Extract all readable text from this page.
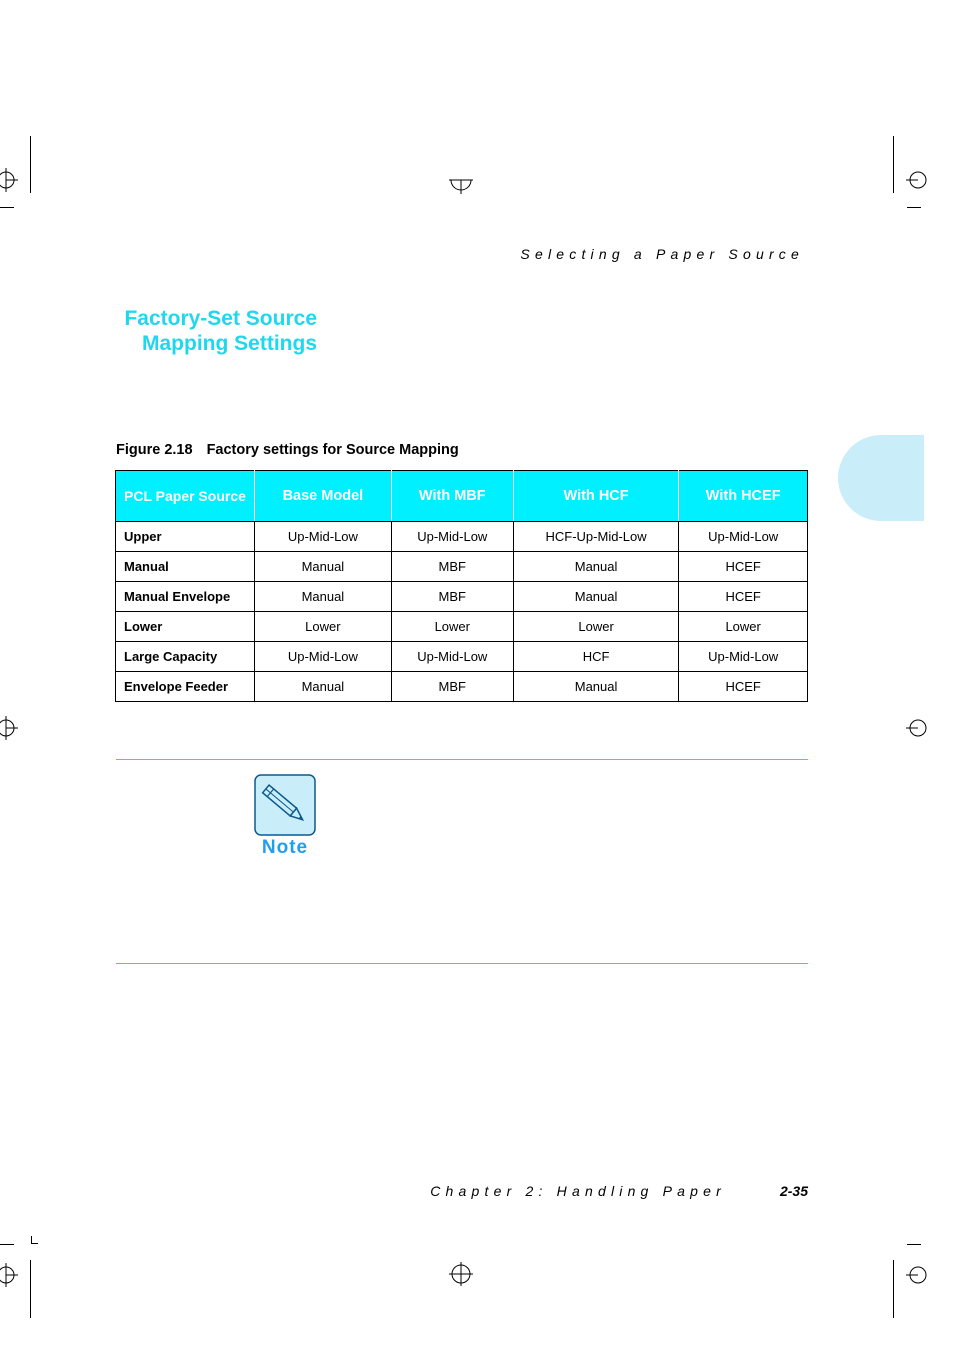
Selecting a Paper Source
Factory-Set Source
Mapping Settings
Figure 2.18 Factory settings for Source Mapping
PCL Paper Source	Base Model	With MBF	With HCF	With HCEF
Upper	Up-Mid-Low	Up-Mid-Low	HCF-Up-Mid-Low	Up-Mid-Low
Manual	Manual	MBF	Manual	HCEF
Manual Envelope	Manual	MBF	Manual	HCEF
Lower	Lower	Lower	Lower	Lower
Large Capacity	Up-Mid-Low	Up-Mid-Low	HCF	Up-Mid-Low
Envelope Feeder	Manual	MBF	Manual	HCEF
Note
Chapter 2: Handling Paper	2-35
